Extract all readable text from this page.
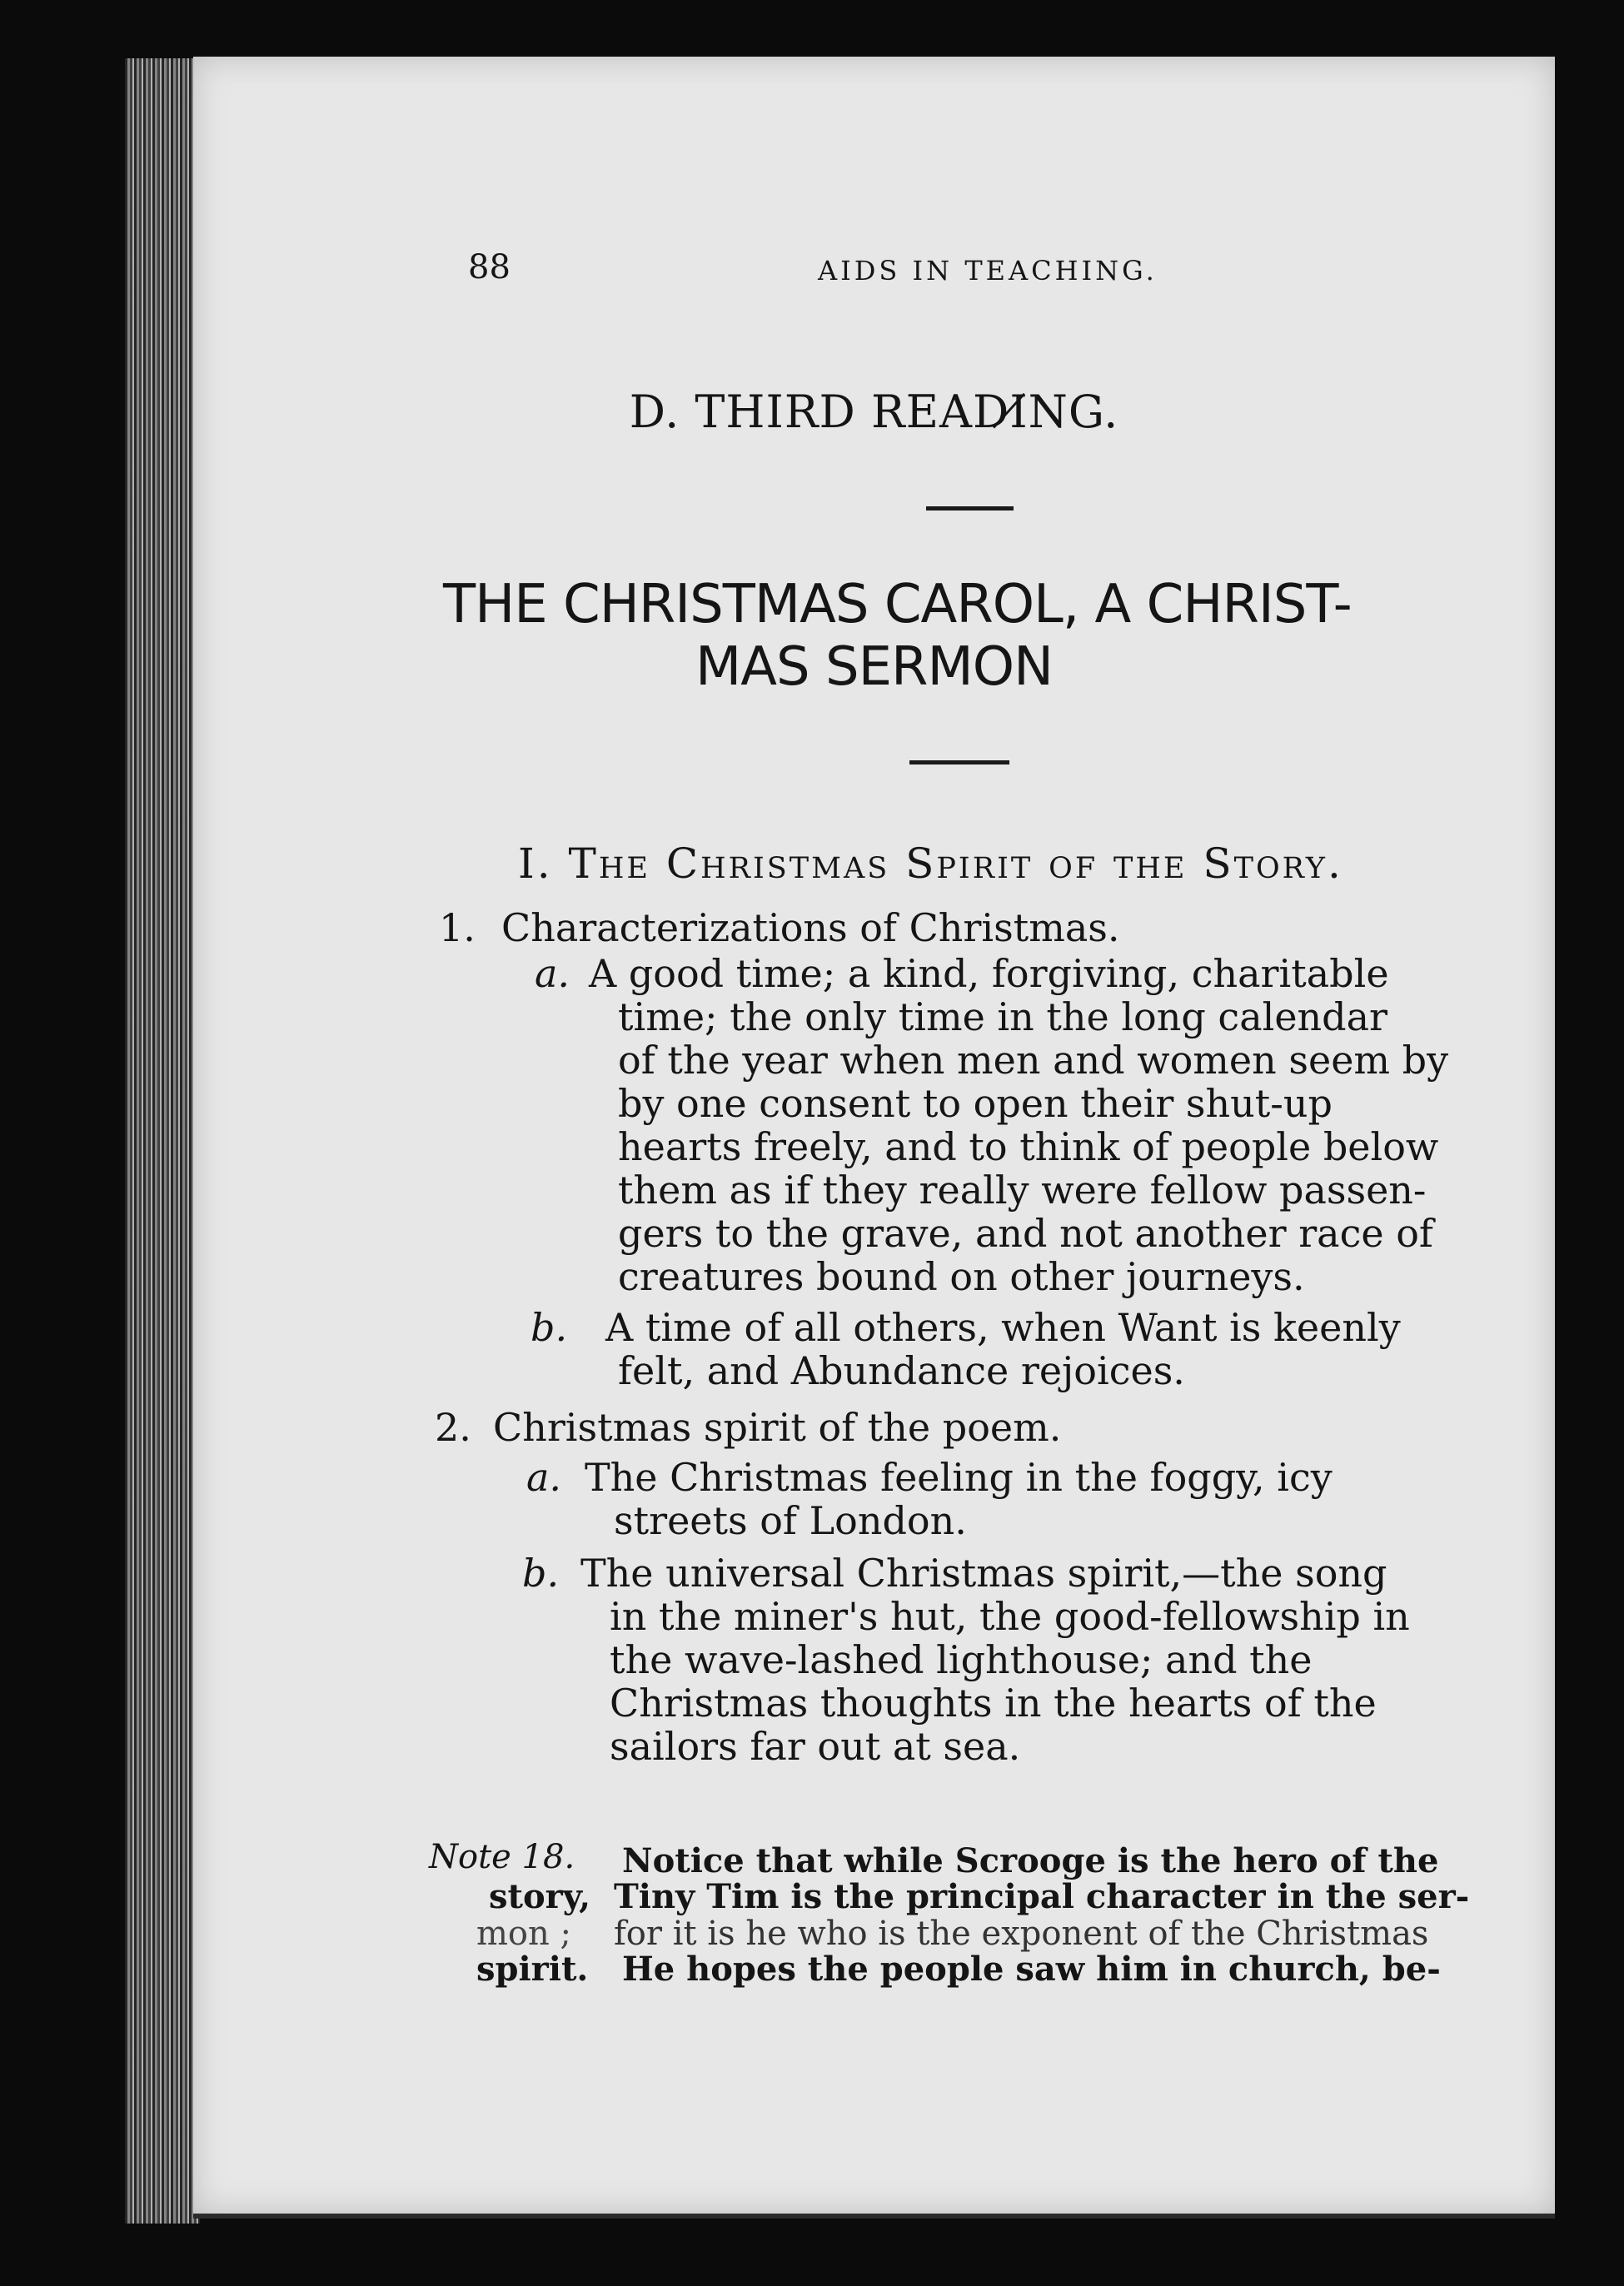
88	AIDS IN TEACHING.
D. THIRD READI̸NG.
THE CHRISTMAS CAROL, A CHRIST-
MAS SERMON
I. The Christmas Spirit of the Story.
1. Characterizations of Christmas.
a. A good time; a kind, forgiving, charitable
time; the only time in the long calendar
of the year when men and women seem by
by one consent to open their shut-up
hearts freely, and to think of people below
them as if they really were fellow passen-
gers to the grave, and not another race of
creatures bound on other journeys.
b. A time of all others, when Want is keenly
felt, and Abundance rejoices.
2. Christmas spirit of the poem.
a. The Christmas feeling in the foggy, icy
streets of London.
b. The universal Christmas spirit,—the song
in the miner's hut, the good-fellowship in
the wave-lashed lighthouse; and the
Christmas thoughts in the hearts of the
sailors far out at sea.
Note 18. Notice that while Scrooge is the hero of the
story, Tiny Tim is the principal character in the ser-
mon ; for it is he who is the exponent of the Christmas
spirit. He hopes the people saw him in church, be-
